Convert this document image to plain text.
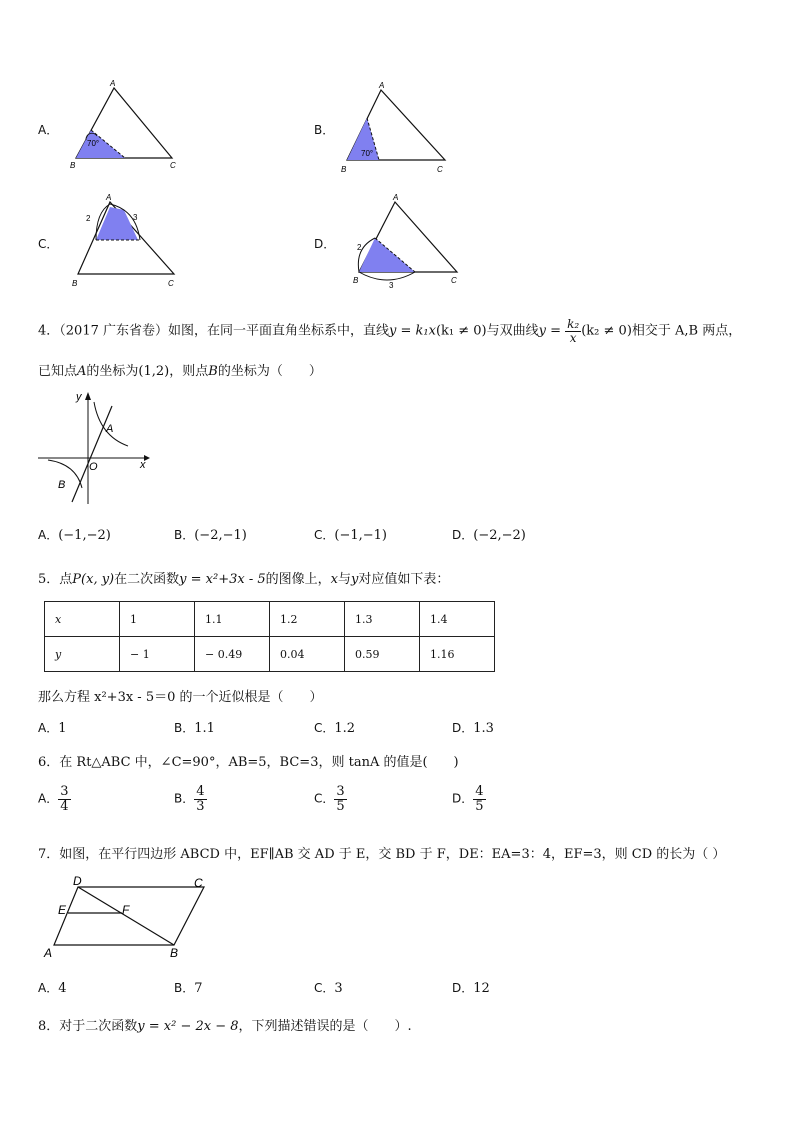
A．
70°
A
B	C
B．
70°
A
B	C
C．
A
2	3
B	C
D．
A
2
3
B	C
4．（2017 广东省卷）如图，在同一平面直角坐标系中，直线y = k₁x(k₁ ≠ 0)与双曲线$y = \frac{\text{k₂}}{x} (k_2 \ne 0)$相交于 A,B 两点，
已知点A的坐标为(1,2)，则点B的坐标为（　　）
y
x
O
A
B
A．(−1,−2)	B．(−2,−1)	C．(−1,−1)	D．(−2,−2)
5．点P(x, y)在二次函数y = x²+3x - 5的图像上，x与y对应值如下表：
x	1	1.1	1.2	1.3	1.4
y	− 1	− 0.49	0.04	0.59	1.16
那么方程 x²+3x - 5＝0 的一个近似根是（　　）
A．1	B．1.1	C．1.2	D．1.3
6．在 Rt△ABC 中，∠C=90°，AB=5，BC=3，则 tanA 的值是(　　)
A． $\frac{3}{4}$	B． $\frac{4}{3}$	C． $\frac{3}{5}$	D． $\frac{4}{5}$
7．如图，在平行四边形 ABCD 中，EF∥AB 交 AD 于 E，交 BD 于 F，DE：EA=3：4，EF=3，则 CD 的长为（ ）
D	C
E	F
A	B
A．4	B．7	C．3	D．12
8．对于二次函数y = x² − 2x − 8，下列描述错误的是（　　）.
